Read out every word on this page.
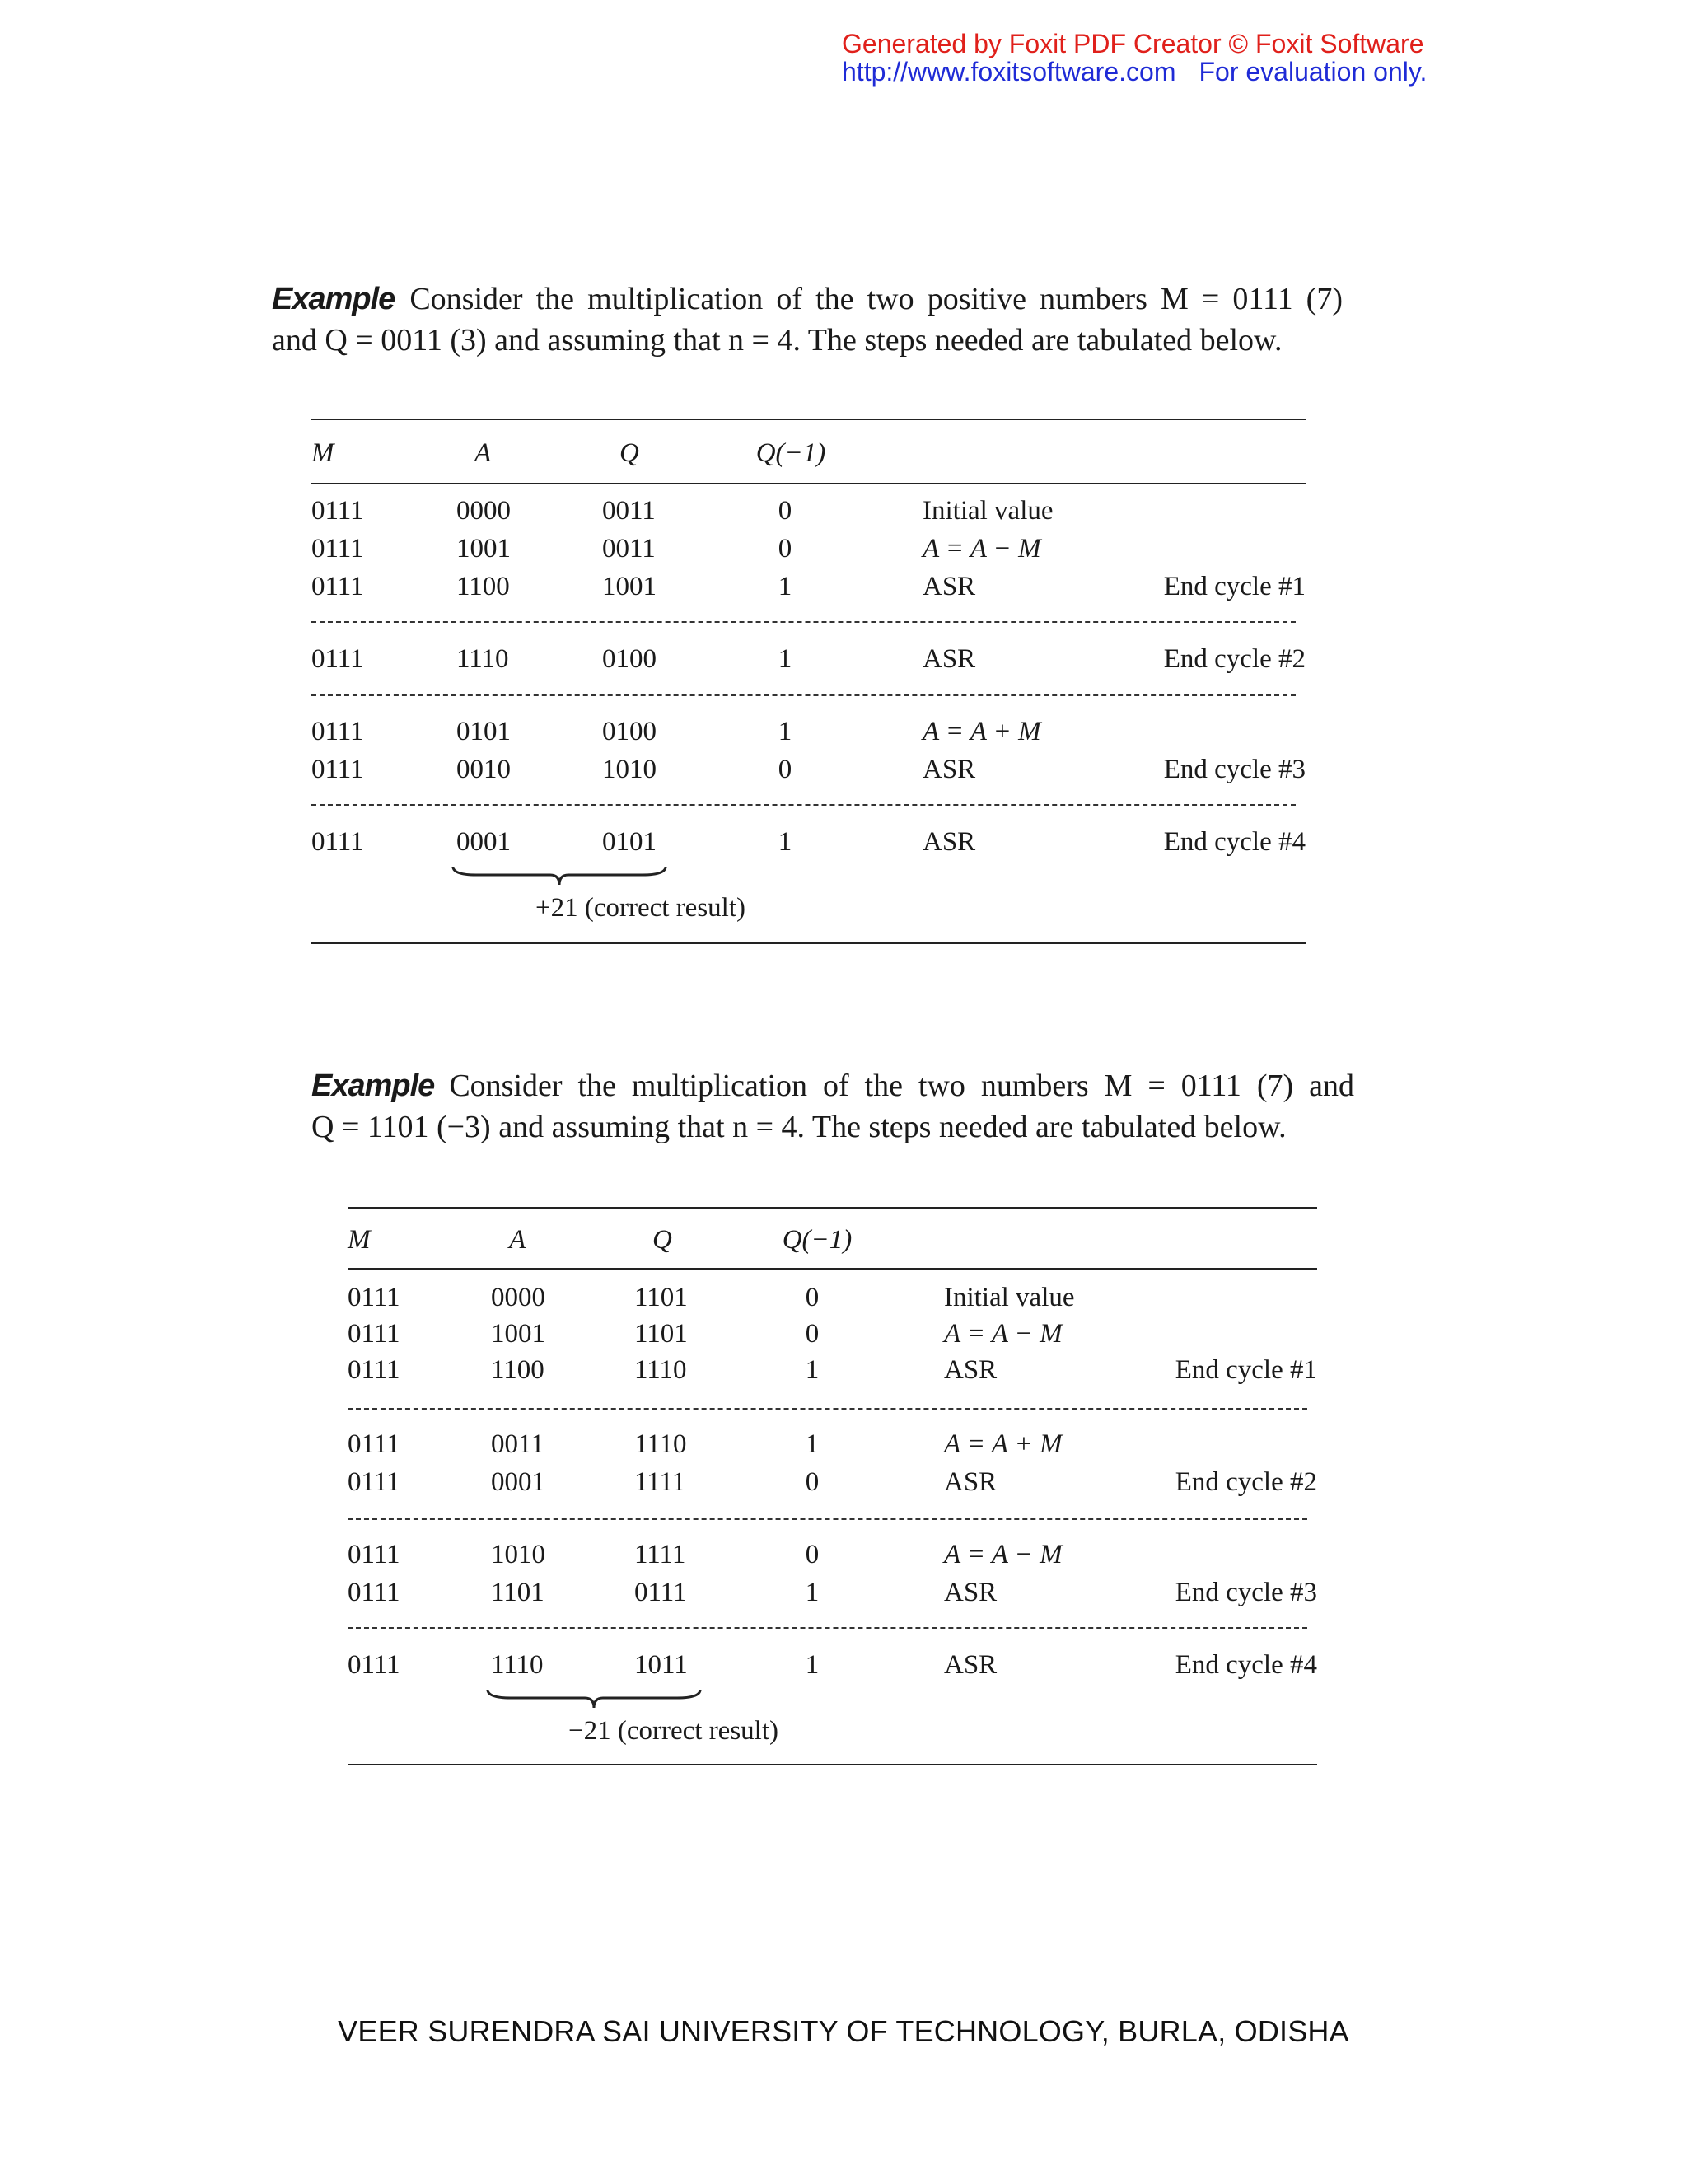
Generated by Foxit PDF Creator © Foxit Software
http://www.foxitsoftware.com For evaluation only.
Example Consider the multiplication of the two positive numbers M = 0111 (7)
and Q = 0011 (3) and assuming that n = 4. The steps needed are tabulated below.
M	A	Q	Q(−1)
0111	0000	0011	0	Initial value
0111	1001	0011	0	A = A − M
0111	1100	1001	1	ASR	End cycle #1
0111	1110	0100	1	ASR	End cycle #2
0111	0101	0100	1	A = A + M
0111	0010	1010	0	ASR	End cycle #3
0111	0001	0101	1	ASR	End cycle #4
+21 (correct result)
Example Consider the multiplication of the two numbers M = 0111 (7) and
Q = 1101 (−3) and assuming that n = 4. The steps needed are tabulated below.
M	A	Q	Q(−1)
0111	0000	1101	0	Initial value
0111	1001	1101	0	A = A − M
0111	1100	1110	1	ASR	End cycle #1
0111	0011	1110	1	A = A + M
0111	0001	1111	0	ASR	End cycle #2
0111	1010	1111	0	A = A − M
0111	1101	0111	1	ASR	End cycle #3
0111	1110	1011	1	ASR	End cycle #4
−21 (correct result)
VEER SURENDRA SAI UNIVERSITY OF TECHNOLOGY, BURLA, ODISHA
